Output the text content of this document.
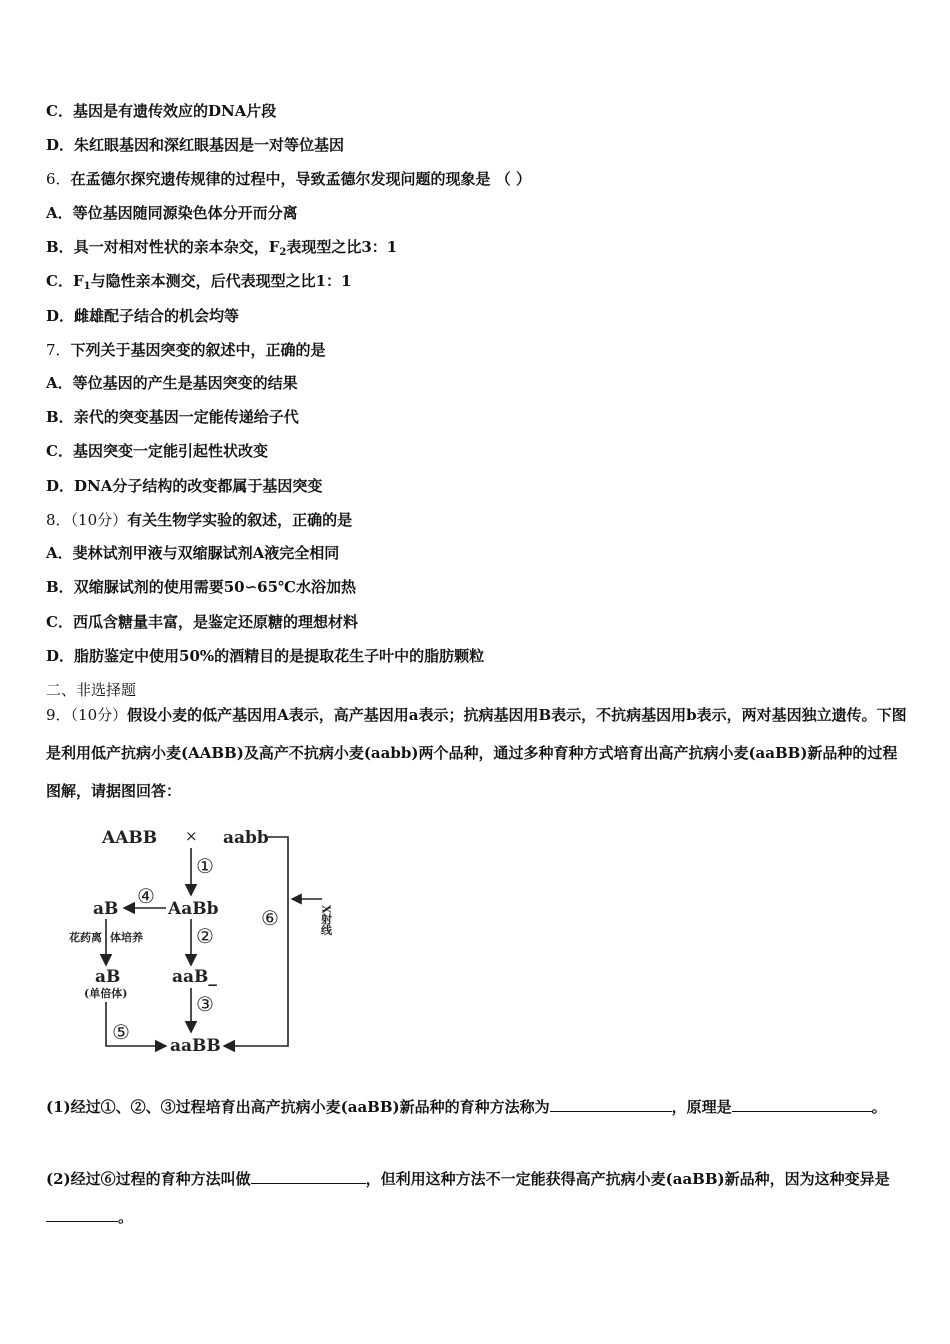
C．基因是有遗传效应的DNA片段
D．朱红眼基因和深红眼基因是一对等位基因
6．在孟德尔探究遗传规律的过程中，导致孟德尔发现问题的现象是 （ ）
A．等位基因随同源染色体分开而分离
B．具一对相对性状的亲本杂交，$F_2$表现型之比3：1
C．$F_1$与隐性亲本测交，后代表现型之比1：1
D．雌雄配子结合的机会均等
7．下列关于基因突变的叙述中，正确的是
A．等位基因的产生是基因突变的结果
B．亲代的突变基因一定能传递给子代
C．基因突变一定能引起性状改变
D．DNA分子结构的改变都属于基因突变
8．（10分）有关生物学实验的叙述，正确的是
A．斐林试剂甲液与双缩脲试剂A液完全相同
B．双缩脲试剂的使用需要50∽65℃水浴加热
C．西瓜含糖量丰富，是鉴定还原糖的理想材料
D．脂肪鉴定中使用50%的酒精目的是提取花生子叶中的脂肪颗粒
二、非选择题
9．（10分）假设小麦的低产基因用A表示，高产基因用a表示；抗病基因用B表示，不抗病基因用b表示，两对基因独立遗传。下图是利用低产抗病小麦(AABB)及高产不抗病小麦(aabb)两个品种，通过多种育种方式培育出高产抗病小麦(aaBB)新品种的过程图解，请据图回答：
AABB × aabb
①
AaBb
④
aB
花药离 体培养
aB
(单倍体)
②
aaB_
③
aaBB
⑤
⑥	X射线
(1)经过①、②、③过程培育出高产抗病小麦(aaBB)新品种的育种方法称为	，原理是	。
(2)经过⑥过程的育种方法叫做	，但利用这种方法不一定能获得高产抗病小麦(aaBB)新品种，因为这种变异是。
